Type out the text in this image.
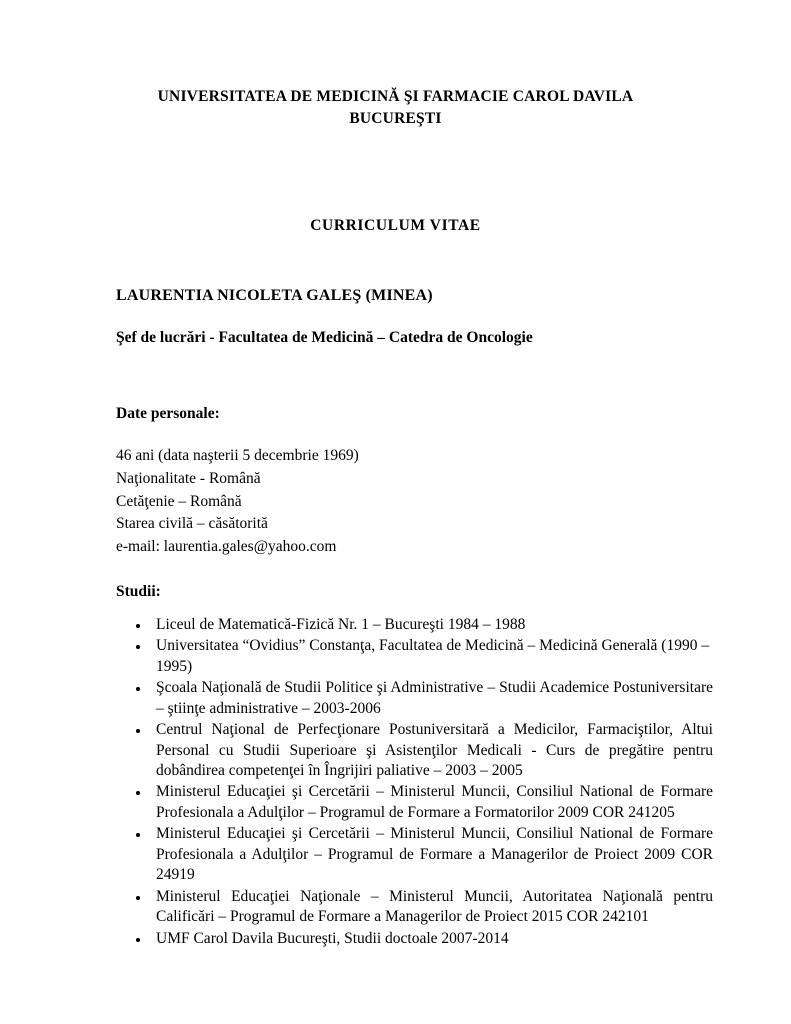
UNIVERSITATEA DE MEDICINĂ ŞI FARMACIE CAROL DAVILA
BUCUREŞTI
CURRICULUM VITAE
LAURENTIA NICOLETA GALEŞ (MINEA)
Şef de lucrări - Facultatea de Medicină – Catedra de Oncologie
Date personale:
46 ani (data naşterii 5 decembrie 1969)
Naţionalitate - Română
Cetăţenie – Română
Starea civilă – căsătorită
e-mail: laurentia.gales@yahoo.com
Studii:
• Liceul de Matematică-Fizică Nr. 1 – Bucureşti 1984 – 1988
• Universitatea “Ovidius” Constanţa, Facultatea de Medicină – Medicină Generală (1990 – 1995)
• Şcoala Naţională de Studii Politice şi Administrative – Studii Academice Postuniversitare – ştiinţe administrative – 2003-2006
• Centrul Naţional de Perfecţionare Postuniversitară a Medicilor, Farmaciştilor, Altui Personal cu Studii Superioare şi Asistenţilor Medicali - Curs de pregătire pentru dobândirea competenţei în Îngrijiri paliative – 2003 – 2005
• Ministerul Educaţiei şi Cercetării – Ministerul Muncii, Consiliul National de Formare Profesionala a Adulţilor – Programul de Formare a Formatorilor 2009 COR 241205
• Ministerul Educaţiei şi Cercetării – Ministerul Muncii, Consiliul National de Formare Profesionala a Adulţilor – Programul de Formare a Managerilor de Proiect 2009 COR 24919
• Ministerul Educaţiei Naţionale – Ministerul Muncii, Autoritatea Naţională pentru Calificări – Programul de Formare a Managerilor de Proiect 2015 COR 242101
• UMF Carol Davila Bucureşti, Studii doctoale 2007-2014
